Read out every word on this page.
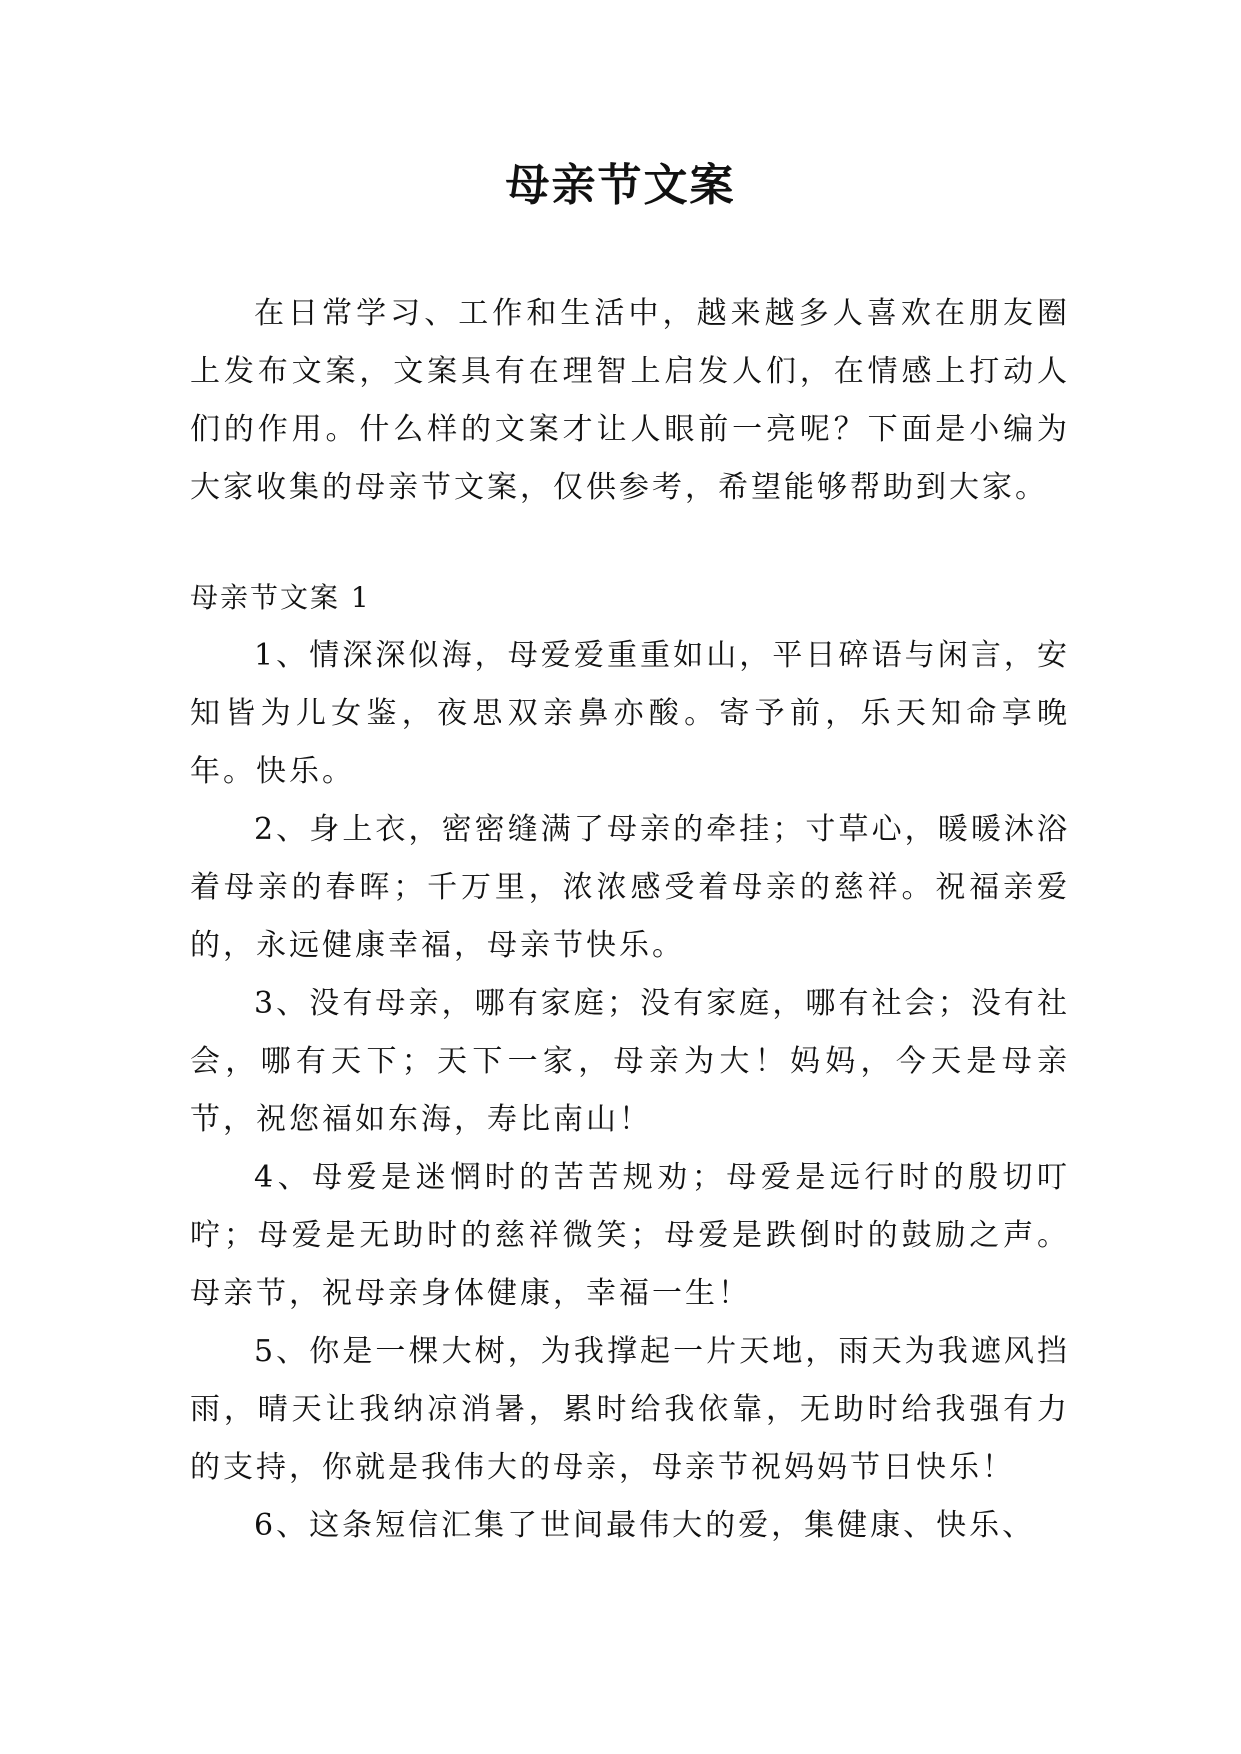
母亲节文案

在日常学习、工作和生活中，越来越多人喜欢在朋友圈上发布文案，文案具有在理智上启发人们，在情感上打动人们的作用。什么样的文案才让人眼前一亮呢？下面是小编为大家收集的母亲节文案，仅供参考，希望能够帮助到大家。

母亲节文案 1

1、情深深似海，母爱爱重重如山，平日碎语与闲言，安知皆为儿女鉴，夜思双亲鼻亦酸。寄予前，乐天知命享晚年。快乐。

2、身上衣，密密缝满了母亲的牵挂；寸草心，暖暖沐浴着母亲的春晖；千万里，浓浓感受着母亲的慈祥。祝福亲爱的，永远健康幸福，母亲节快乐。

3、没有母亲，哪有家庭；没有家庭，哪有社会；没有社会，哪有天下；天下一家，母亲为大！妈妈，今天是母亲节，祝您福如东海，寿比南山！

4、母爱是迷惘时的苦苦规劝；母爱是远行时的殷切叮咛；母爱是无助时的慈祥微笑；母爱是跌倒时的鼓励之声。母亲节，祝母亲身体健康，幸福一生！

5、你是一棵大树，为我撑起一片天地，雨天为我遮风挡雨，晴天让我纳凉消暑，累时给我依靠，无助时给我强有力的支持，你就是我伟大的母亲，母亲节祝妈妈节日快乐！

6、这条短信汇集了世间最伟大的爱，集健康、快乐、
